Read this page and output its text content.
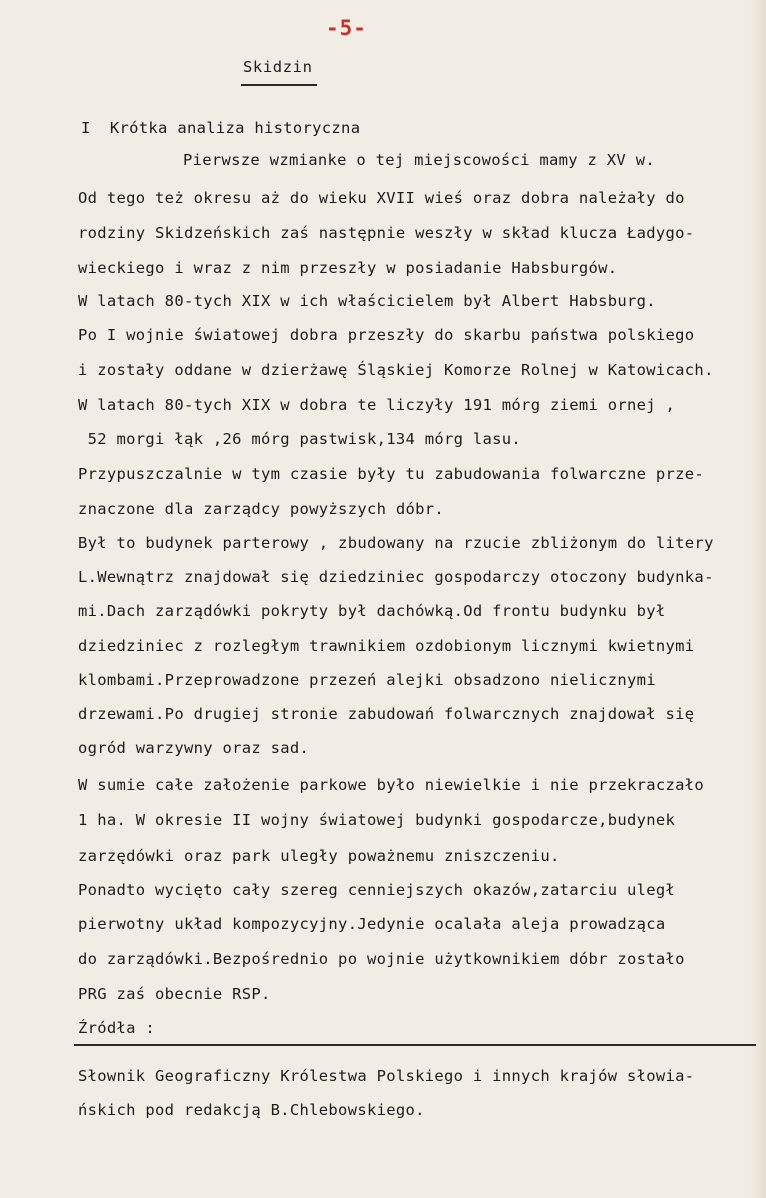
-5-
Skidzin
I  Krótka analiza historyczna
Pierwsze wzmianke o tej miejscowości mamy z XV w.
Od tego też okresu aż do wieku XVII wieś oraz dobra należały do
rodziny Skidzeńskich zaś następnie weszły w skład klucza Ładygo-
wieckiego i wraz z nim przeszły w posiadanie Habsburgów.
W latach 80-tych XIX w ich właścicielem był Albert Habsburg.
Po I wojnie światowej dobra przeszły do skarbu państwa polskiego
i zostały oddane w dzierżawę Śląskiej Komorze Rolnej w Katowicach.
W latach 80-tych XIX w dobra te liczyły 191 mórg ziemi ornej ,
52 morgi łąk ,26 mórg pastwisk,134 mórg lasu.
Przypuszczalnie w tym czasie były tu zabudowania folwarczne prze-
znaczone dla zarządcy powyższych dóbr.
Był to budynek parterowy , zbudowany na rzucie zbliżonym do litery
L.Wewnątrz znajdował się dziedziniec gospodarczy otoczony budynka-
mi.Dach zarządówki pokryty był dachówką.Od frontu budynku był
dziedziniec z rozległym trawnikiem ozdobionym licznymi kwietnymi
klombami.Przeprowadzone przezeń alejki obsadzono nielicznymi
drzewami.Po drugiej stronie zabudowań folwarcznych znajdował się
ogród warzywny oraz sad.
W sumie całe założenie parkowe było niewielkie i nie przekraczało
1 ha. W okresie II wojny światowej budynki gospodarcze,budynek
zarzędówki oraz park uległy poważnemu zniszczeniu.
Ponadto wycięto cały szereg cenniejszych okazów,zatarciu uległ
pierwotny układ kompozycyjny.Jedynie ocalała aleja prowadząca
do zarządówki.Bezpośrednio po wojnie użytkownikiem dóbr zostało
PRG zaś obecnie RSP.
Źródła :
Słownik Geograficzny Królestwa Polskiego i innych krajów słowia-
ńskich pod redakcją B.Chlebowskiego.
